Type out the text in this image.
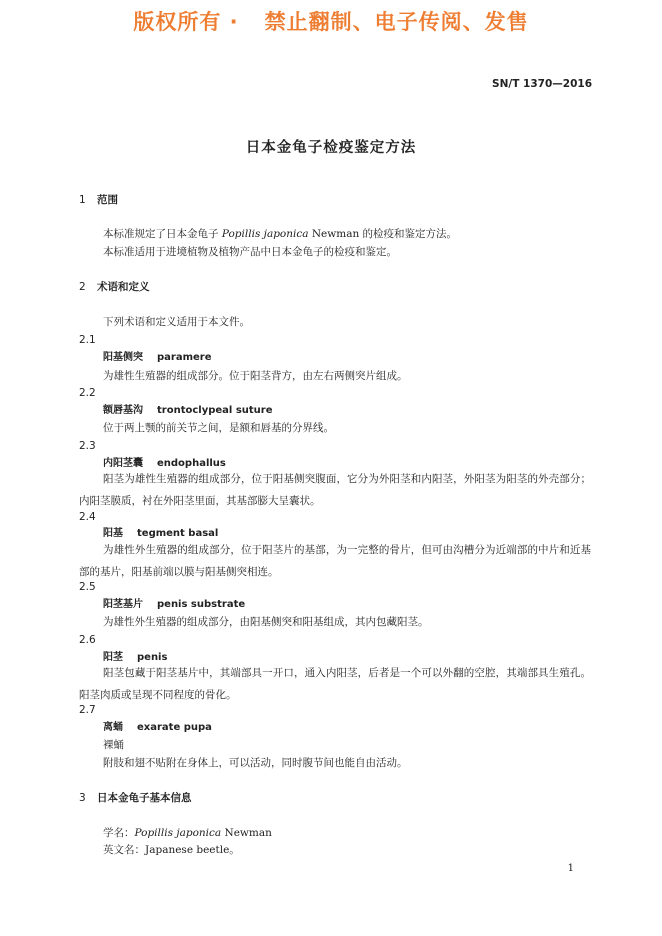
版权所有 · 禁止翻制、电子传阅、发售
SN/T 1370—2016
日本金龟子检疫鉴定方法
1 范围
本标准规定了日本金龟子 Popillis japonica Newman 的检疫和鉴定方法。
本标准适用于进境植物及植物产品中日本金龟子的检疫和鉴定。
2 术语和定义
下列术语和定义适用于本文件。
2.1
阳基侧突 paramere
为雄性生殖器的组成部分。位于阳茎背方，由左右两侧突片组成。
2.2
额唇基沟 trontoclypeal suture
位于两上颚的前关节之间，是额和唇基的分界线。
2.3
内阳茎囊 endophallus
阳茎为雄性生殖器的组成部分，位于阳基侧突腹面，它分为外阳茎和内阳茎，外阳茎为阳茎的外壳部分；内阳茎膜质，衬在外阳茎里面，其基部膨大呈囊状。
2.4
阳基 tegment basal
为雄性外生殖器的组成部分，位于阳茎片的基部，为一完整的骨片，但可由沟槽分为近端部的中片和近基部的基片，阳基前端以膜与阳基侧突相连。
2.5
阳茎基片 penis substrate
为雄性外生殖器的组成部分，由阳基侧突和阳基组成，其内包藏阳茎。
2.6
阳茎 penis
阳茎包藏于阳茎基片中，其端部具一开口，通入内阳茎，后者是一个可以外翻的空腔，其端部具生殖孔。阳茎肉质或呈现不同程度的骨化。
2.7
离蛹 exarate pupa
裸蛹
附肢和翅不贴附在身体上，可以活动，同时腹节间也能自由活动。
3 日本金龟子基本信息
学名：Popillis japonica Newman
英文名：Japanese beetle。
1
